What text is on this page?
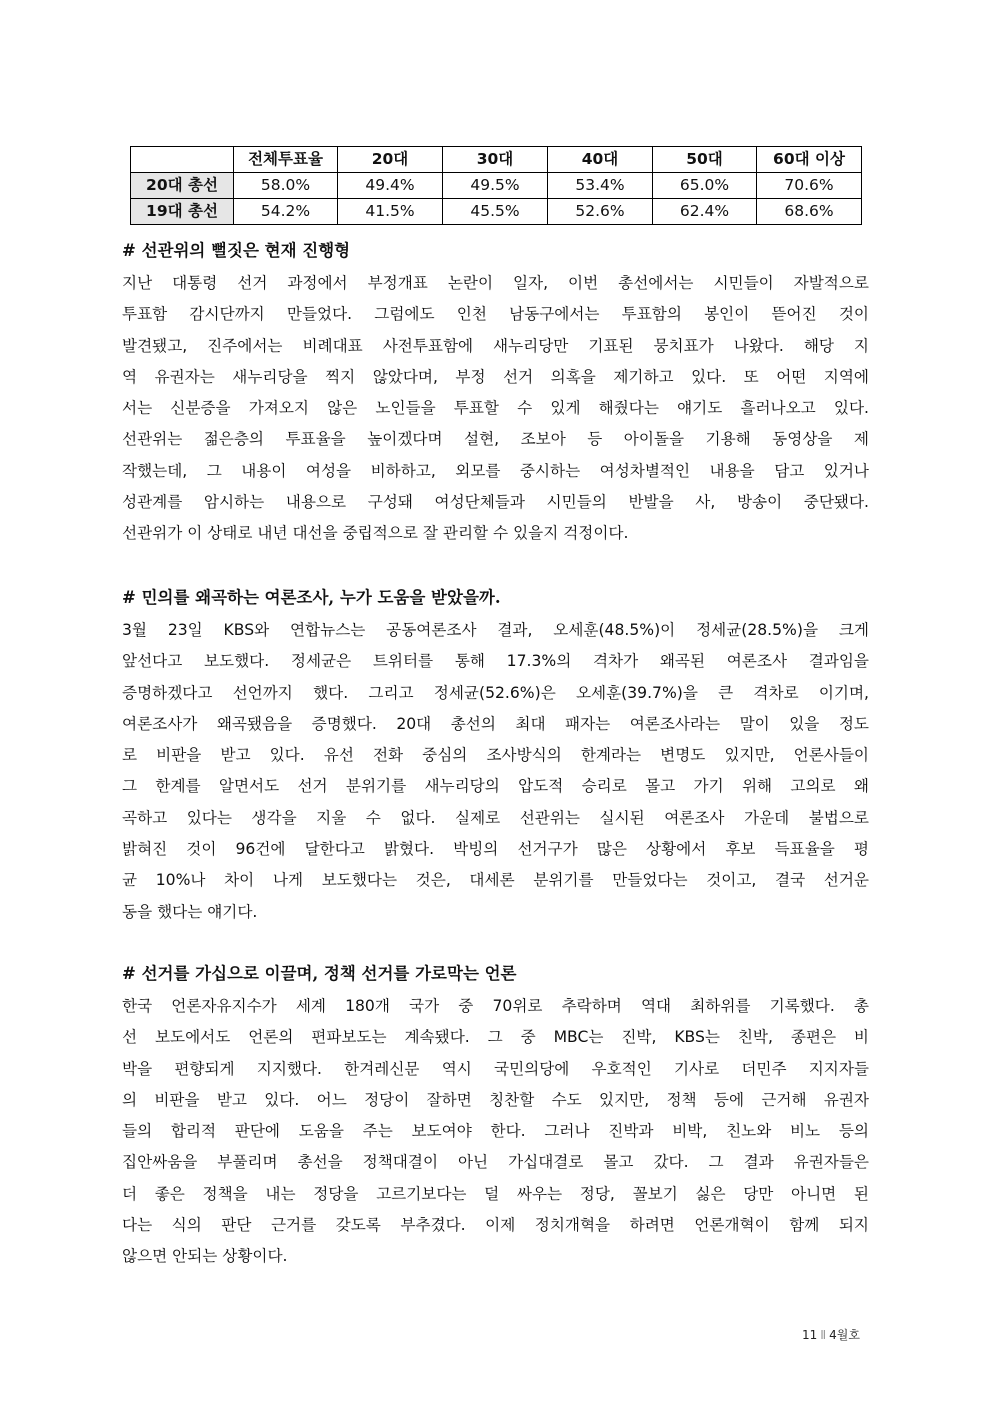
	전체투표율	20대	30대	40대	50대	60대 이상
20대 총선	58.0%	49.4%	49.5%	53.4%	65.0%	70.6%
19대 총선	54.2%	41.5%	45.5%	52.6%	62.4%	68.6%
# 선관위의 뻘짓은 현재 진행형
지난 대통령 선거 과정에서 부정개표 논란이 일자, 이번 총선에서는 시민들이 자발적으로
투표함 감시단까지 만들었다. 그럼에도 인천 남동구에서는 투표함의 봉인이 뜯어진 것이
발견됐고, 진주에서는 비례대표 사전투표함에 새누리당만 기표된 뭉치표가 나왔다. 해당 지
역 유권자는 새누리당을 찍지 않았다며, 부정 선거 의혹을 제기하고 있다. 또 어떤 지역에
서는 신분증을 가져오지 않은 노인들을 투표할 수 있게 해줬다는 얘기도 흘러나오고 있다.
선관위는 젊은층의 투표율을 높이겠다며 설현, 조보아 등 아이돌을 기용해 동영상을 제
작했는데, 그 내용이 여성을 비하하고, 외모를 중시하는 여성차별적인 내용을 담고 있거나
성관계를 암시하는 내용으로 구성돼 여성단체들과 시민들의 반발을 사, 방송이 중단됐다.
선관위가 이 상태로 내년 대선을 중립적으로 잘 관리할 수 있을지 걱정이다.
# 민의를 왜곡하는 여론조사, 누가 도움을 받았을까.
3월 23일 KBS와 연합뉴스는 공동여론조사 결과, 오세훈(48.5%)이 정세균(28.5%)을 크게
앞선다고 보도했다. 정세균은 트위터를 통해 17.3%의 격차가 왜곡된 여론조사 결과임을
증명하겠다고 선언까지 했다. 그리고 정세균(52.6%)은 오세훈(39.7%)을 큰 격차로 이기며,
여론조사가 왜곡됐음을 증명했다. 20대 총선의 최대 패자는 여론조사라는 말이 있을 정도
로 비판을 받고 있다. 유선 전화 중심의 조사방식의 한계라는 변명도 있지만, 언론사들이
그 한계를 알면서도 선거 분위기를 새누리당의 압도적 승리로 몰고 가기 위해 고의로 왜
곡하고 있다는 생각을 지울 수 없다. 실제로 선관위는 실시된 여론조사 가운데 불법으로
밝혀진 것이 96건에 달한다고 밝혔다. 박빙의 선거구가 많은 상황에서 후보 득표율을 평
균 10%나 차이 나게 보도했다는 것은, 대세론 분위기를 만들었다는 것이고, 결국 선거운
동을 했다는 얘기다.
# 선거를 가십으로 이끌며, 정책 선거를 가로막는 언론
한국 언론자유지수가 세계 180개 국가 중 70위로 추락하며 역대 최하위를 기록했다. 총
선 보도에서도 언론의 편파보도는 계속됐다. 그 중 MBC는 진박, KBS는 친박, 종편은 비
박을 편향되게 지지했다. 한겨레신문 역시 국민의당에 우호적인 기사로 더민주 지지자들
의 비판을 받고 있다. 어느 정당이 잘하면 칭찬할 수도 있지만, 정책 등에 근거해 유권자
들의 합리적 판단에 도움을 주는 보도여야 한다. 그러나 진박과 비박, 친노와 비노 등의
집안싸움을 부풀리며 총선을 정책대결이 아닌 가십대결로 몰고 갔다. 그 결과 유권자들은
더 좋은 정책을 내는 정당을 고르기보다는 덜 싸우는 정당, 꼴보기 싫은 당만 아니면 된
다는 식의 판단 근거를 갖도록 부추겼다. 이제 정치개혁을 하려면 언론개혁이 함께 되지
않으면 안되는 상황이다.
11 Ⅱ 4월호
